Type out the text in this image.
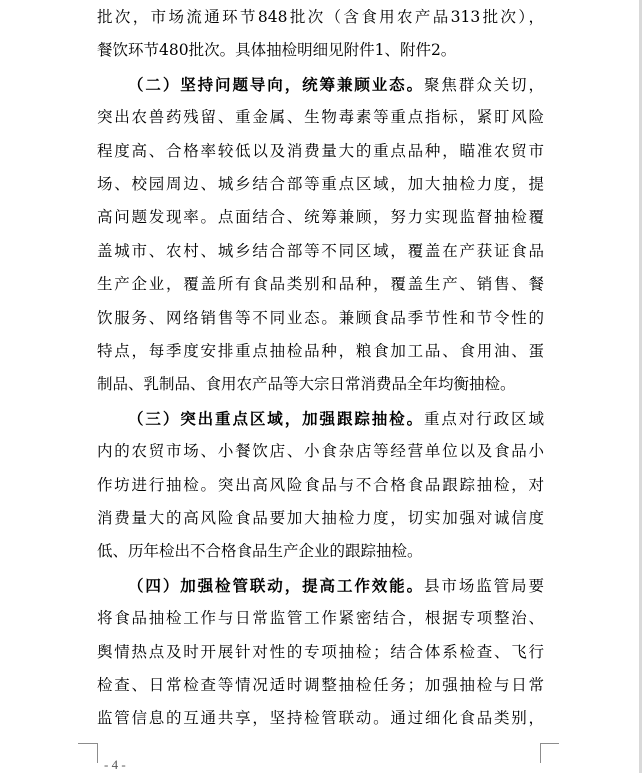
批次，市场流通环节848批次（含食用农产品313批次），
餐饮环节480批次。具体抽检明细见附件1、附件2。
（二）坚持问题导向，统筹兼顾业态。聚焦群众关切，
突出农兽药残留、重金属、生物毒素等重点指标，紧盯风险
程度高、合格率较低以及消费量大的重点品种，瞄准农贸市
场、校园周边、城乡结合部等重点区域，加大抽检力度，提
高问题发现率。点面结合、统筹兼顾，努力实现监督抽检覆
盖城市、农村、城乡结合部等不同区域，覆盖在产获证食品
生产企业，覆盖所有食品类别和品种，覆盖生产、销售、餐
饮服务、网络销售等不同业态。兼顾食品季节性和节令性的
特点，每季度安排重点抽检品种，粮食加工品、食用油、蛋
制品、乳制品、食用农产品等大宗日常消费品全年均衡抽检。
（三）突出重点区域，加强跟踪抽检。重点对行政区域
内的农贸市场、小餐饮店、小食杂店等经营单位以及食品小
作坊进行抽检。突出高风险食品与不合格食品跟踪抽检，对
消费量大的高风险食品要加大抽检力度，切实加强对诚信度
低、历年检出不合格食品生产企业的跟踪抽检。
（四）加强检管联动，提高工作效能。县市场监管局要
将食品抽检工作与日常监管工作紧密结合，根据专项整治、
舆情热点及时开展针对性的专项抽检；结合体系检查、飞行
检查、日常检查等情况适时调整抽检任务；加强抽检与日常
监管信息的互通共享，坚持检管联动。通过细化食品类别，
- 4 -
